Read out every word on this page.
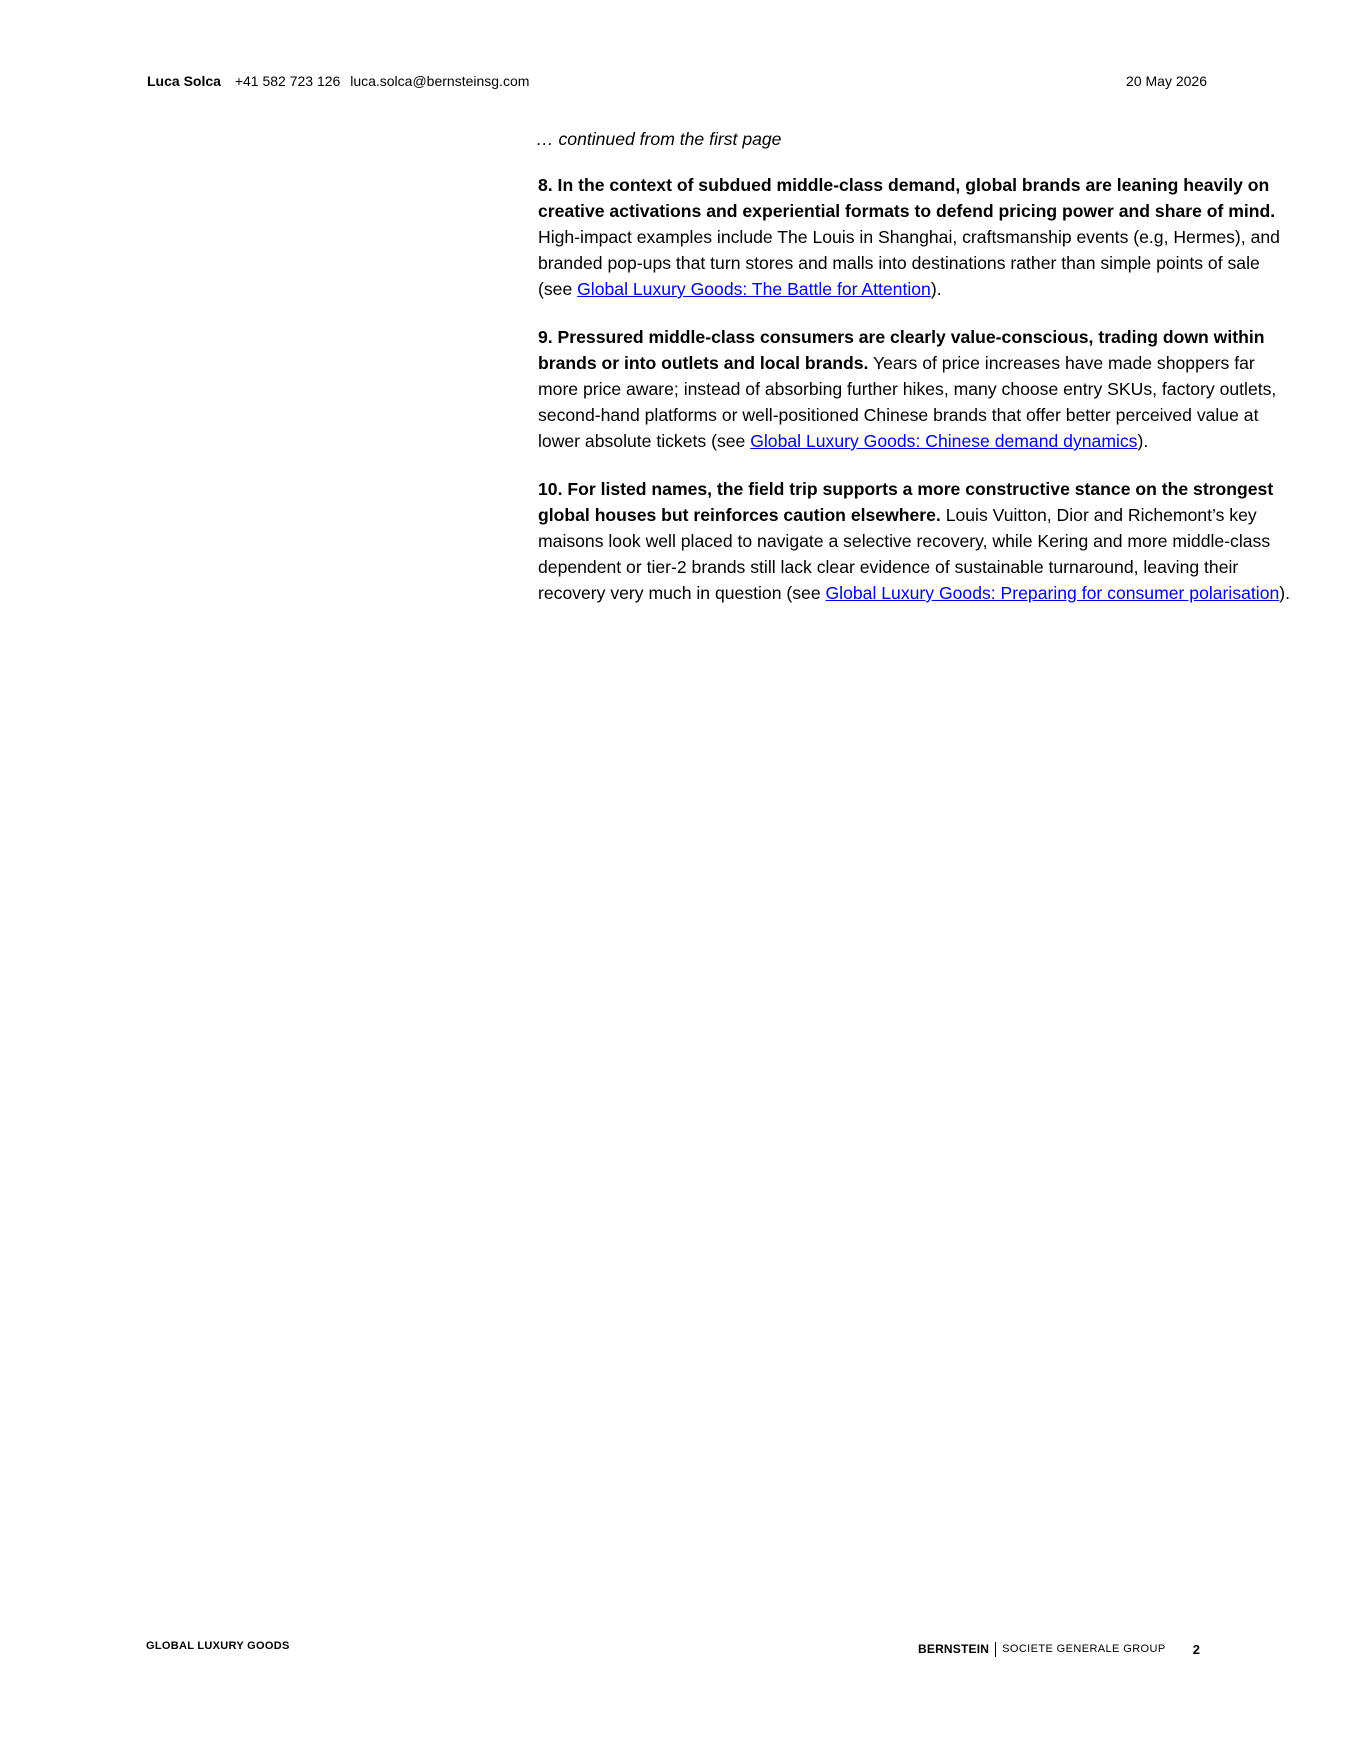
Luca Solca +41 582 723 126 luca.solca@bernsteinsg.com	20 May 2026
… continued from the first page

8. In the context of subdued middle-class demand, global brands are leaning heavily on creative activations and experiential formats to defend pricing power and share of mind. High-impact examples include The Louis in Shanghai, craftsmanship events (e.g, Hermes), and branded pop-ups that turn stores and malls into destinations rather than simple points of sale (see Global Luxury Goods: The Battle for Attention).

9. Pressured middle-class consumers are clearly value-conscious, trading down within brands or into outlets and local brands. Years of price increases have made shoppers far more price aware; instead of absorbing further hikes, many choose entry SKUs, factory outlets, second-hand platforms or well-positioned Chinese brands that offer better perceived value at lower absolute tickets (see Global Luxury Goods: Chinese demand dynamics).

10. For listed names, the field trip supports a more constructive stance on the strongest global houses but reinforces caution elsewhere. Louis Vuitton, Dior and Richemont’s key maisons look well placed to navigate a selective recovery, while Kering and more middle-class dependent or tier-2 brands still lack clear evidence of sustainable turnaround, leaving their recovery very much in question (see Global Luxury Goods: Preparing for consumer polarisation).

GLOBAL LUXURY GOODS	BERNSTEIN SOCIETE GENERALE GROUP 2
